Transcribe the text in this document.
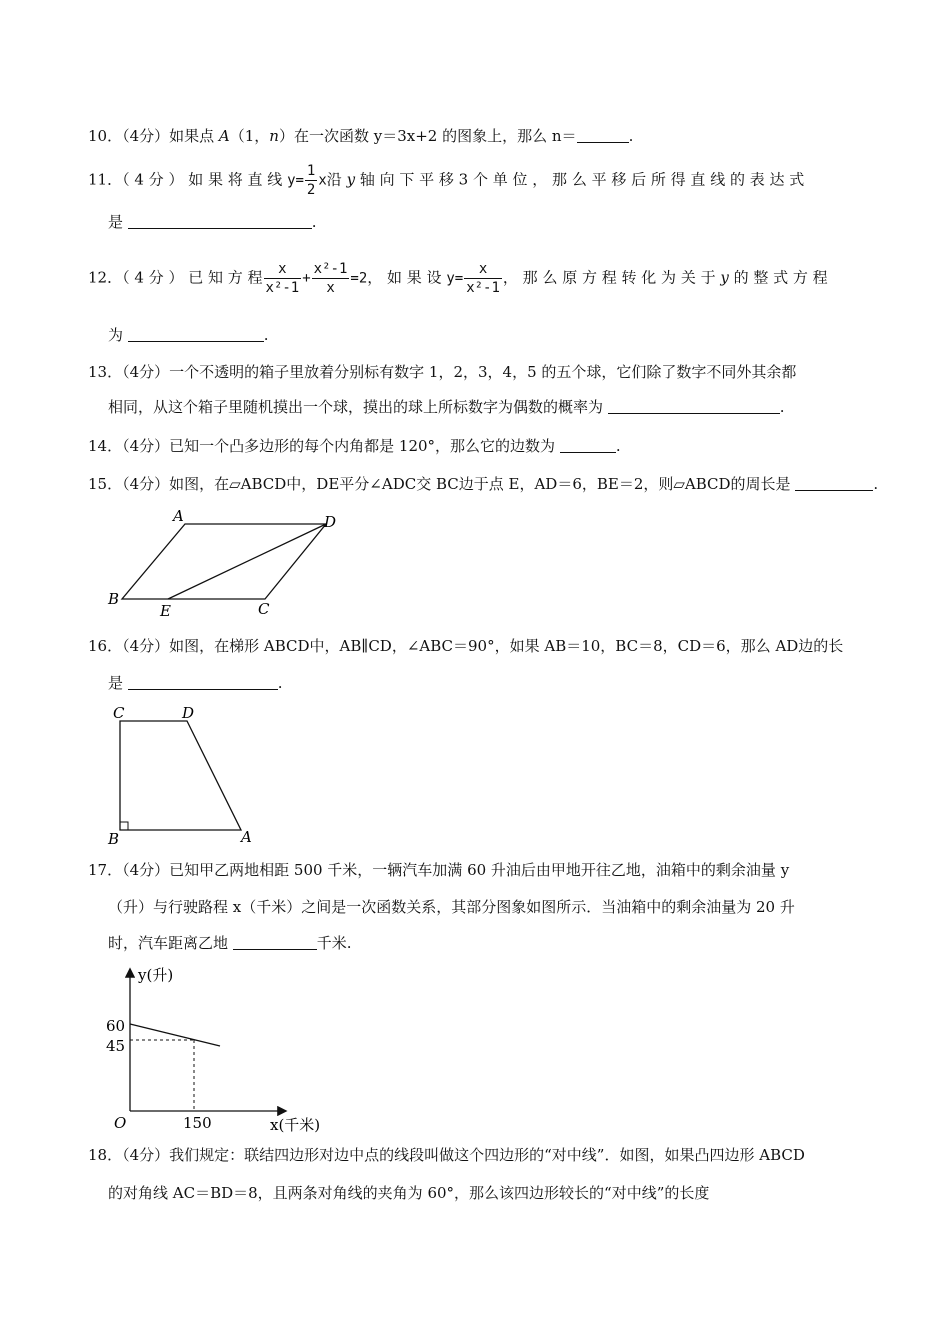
10．（4分）如果点 A（1，n）在一次函数 y＝3x+2 的图象上，那么 n＝	.
11．（ 4 分 ） 如 果 将 直 线 $y= \frac{1}{2}$ x沿 y 轴 向 下 平 移 3 个 单 位 ， 那 么 平 移 后 所 得 直 线 的 表 达 式
是	.
12．（ 4 分 ） 已 知 方 程 $\frac{x}{\text{x²-1}} + \frac{\text{x²-1}}{x} =2$， 如 果 设 $y= \frac{x}{\text{x²-1}}$ ， 那 么 原 方 程 转 化 为 关 于 y 的 整 式 方 程
为	.
13．（4分）一个不透明的箱子里放着分别标有数字 1，2，3，4，5 的五个球，它们除了数字不同外其余都
相同，从这个箱子里随机摸出一个球，摸出的球上所标数字为偶数的概率为	.
14．（4分）已知一个凸多边形的每个内角都是 120°，那么它的边数为	.
15．（4分）如图，在▱ABCD中，DE平分∠ADC交 BC边于点 E，AD＝6，BE＝2，则▱ABCD的周长是	.
A	D
B
E	C
16．（4分）如图，在梯形 ABCD中，AB∥CD，∠ABC＝90°，如果 AB＝10，BC＝8，CD＝6，那么 AD边的长
是	.
C	D
B	A
17．（4分）已知甲乙两地相距 500 千米，一辆汽车加满 60 升油后由甲地开往乙地，油箱中的剩余油量 y
（升）与行驶路程 x（千米）之间是一次函数关系，其部分图象如图所示．当油箱中的剩余油量为 20 升
时，汽车距离乙地	千米.
y(升)
x(千米)
O
60
45
150
18．（4分）我们规定：联结四边形对边中点的线段叫做这个四边形的“对中线”．如图，如果凸四边形 ABCD
的对角线 AC＝BD＝8，且两条对角线的夹角为 60°，那么该四边形较长的“对中线”的长度
